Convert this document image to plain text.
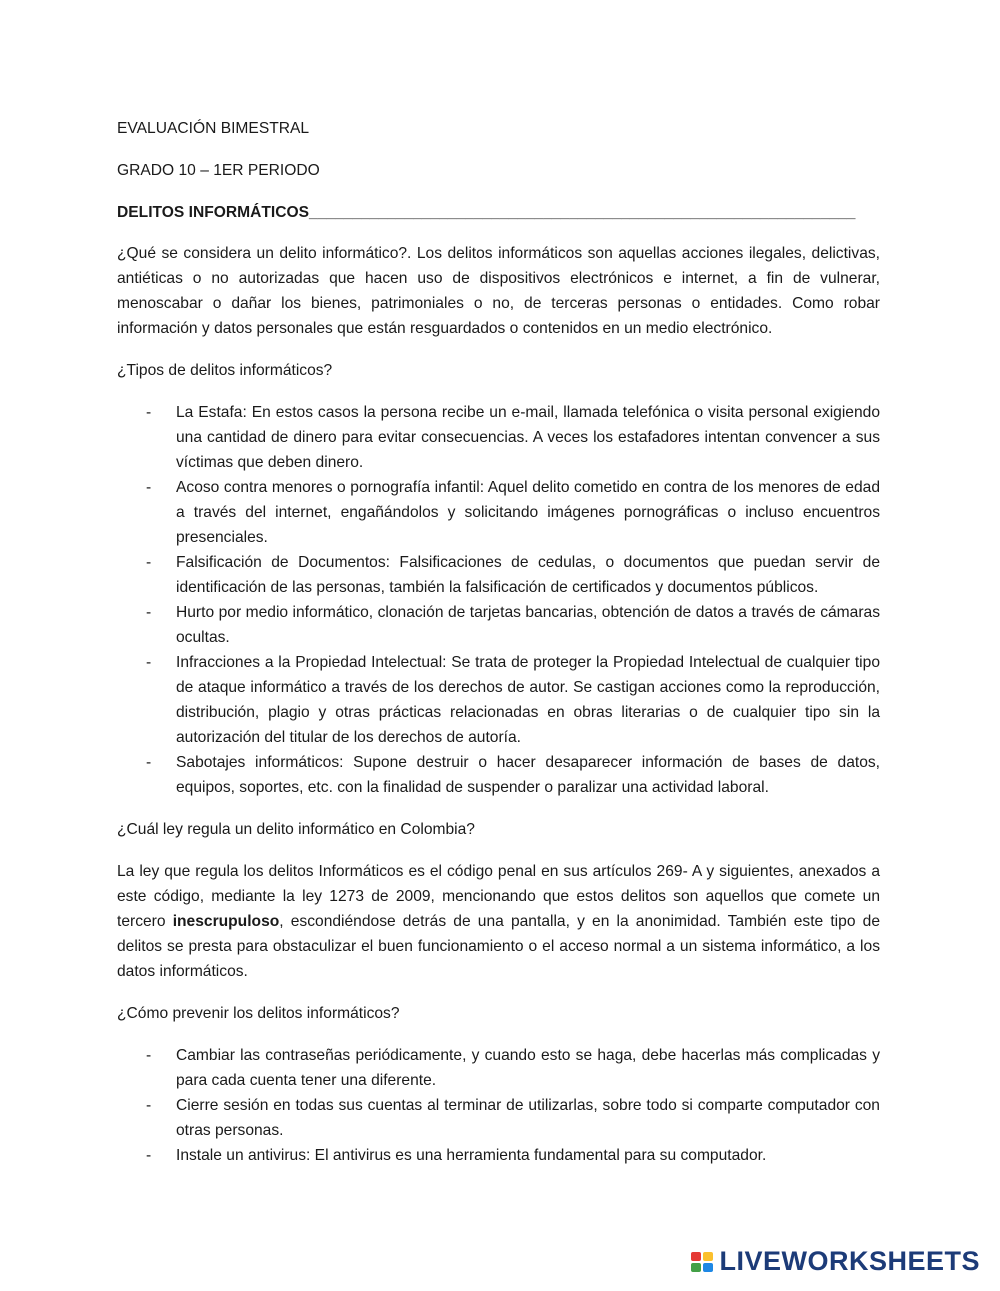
EVALUACIÓN BIMESTRAL

GRADO 10 – 1ER PERIODO

DELITOS INFORMÁTICOS_______________________________________________________________

¿Qué se considera un delito informático?. Los delitos informáticos son aquellas acciones ilegales, delictivas, antiéticas o no autorizadas que hacen uso de dispositivos electrónicos e internet, a fin de vulnerar, menoscabar o dañar los bienes, patrimoniales o no, de terceras personas o entidades. Como robar información y datos personales que están resguardados o contenidos en un medio electrónico.

¿Tipos de delitos informáticos?

- La Estafa: En estos casos la persona recibe un e-mail, llamada telefónica o visita personal exigiendo una cantidad de dinero para evitar consecuencias. A veces los estafadores intentan convencer a sus víctimas que deben dinero.
- Acoso contra menores o pornografía infantil: Aquel delito cometido en contra de los menores de edad a través del internet, engañándolos y solicitando imágenes pornográficas o incluso encuentros presenciales.
- Falsificación de Documentos: Falsificaciones de cedulas, o documentos que puedan servir de identificación de las personas, también la falsificación de certificados y documentos públicos.
- Hurto por medio informático, clonación de tarjetas bancarias, obtención de datos a través de cámaras ocultas.
- Infracciones a la Propiedad Intelectual: Se trata de proteger la Propiedad Intelectual de cualquier tipo de ataque informático a través de los derechos de autor. Se castigan acciones como la reproducción, distribución, plagio y otras prácticas relacionadas en obras literarias o de cualquier tipo sin la autorización del titular de los derechos de autoría.
- Sabotajes informáticos: Supone destruir o hacer desaparecer información de bases de datos, equipos, soportes, etc. con la finalidad de suspender o paralizar una actividad laboral.

¿Cuál ley regula un delito informático en Colombia?

La ley que regula los delitos Informáticos es el código penal en sus artículos 269- A y siguientes, anexados a este código, mediante la ley 1273 de 2009, mencionando que estos delitos son aquellos que comete un tercero inescrupuloso, escondiéndose detrás de una pantalla, y en la anonimidad. También este tipo de delitos se presta para obstaculizar el buen funcionamiento o el acceso normal a un sistema informático, a los datos informáticos.

¿Cómo prevenir los delitos informáticos?

- Cambiar las contraseñas periódicamente, y cuando esto se haga, debe hacerlas más complicadas y para cada cuenta tener una diferente.
- Cierre sesión en todas sus cuentas al terminar de utilizarlas, sobre todo si comparte computador con otras personas.
- Instale un antivirus: El antivirus es una herramienta fundamental para su computador.
LIVEWORKSHEETS
